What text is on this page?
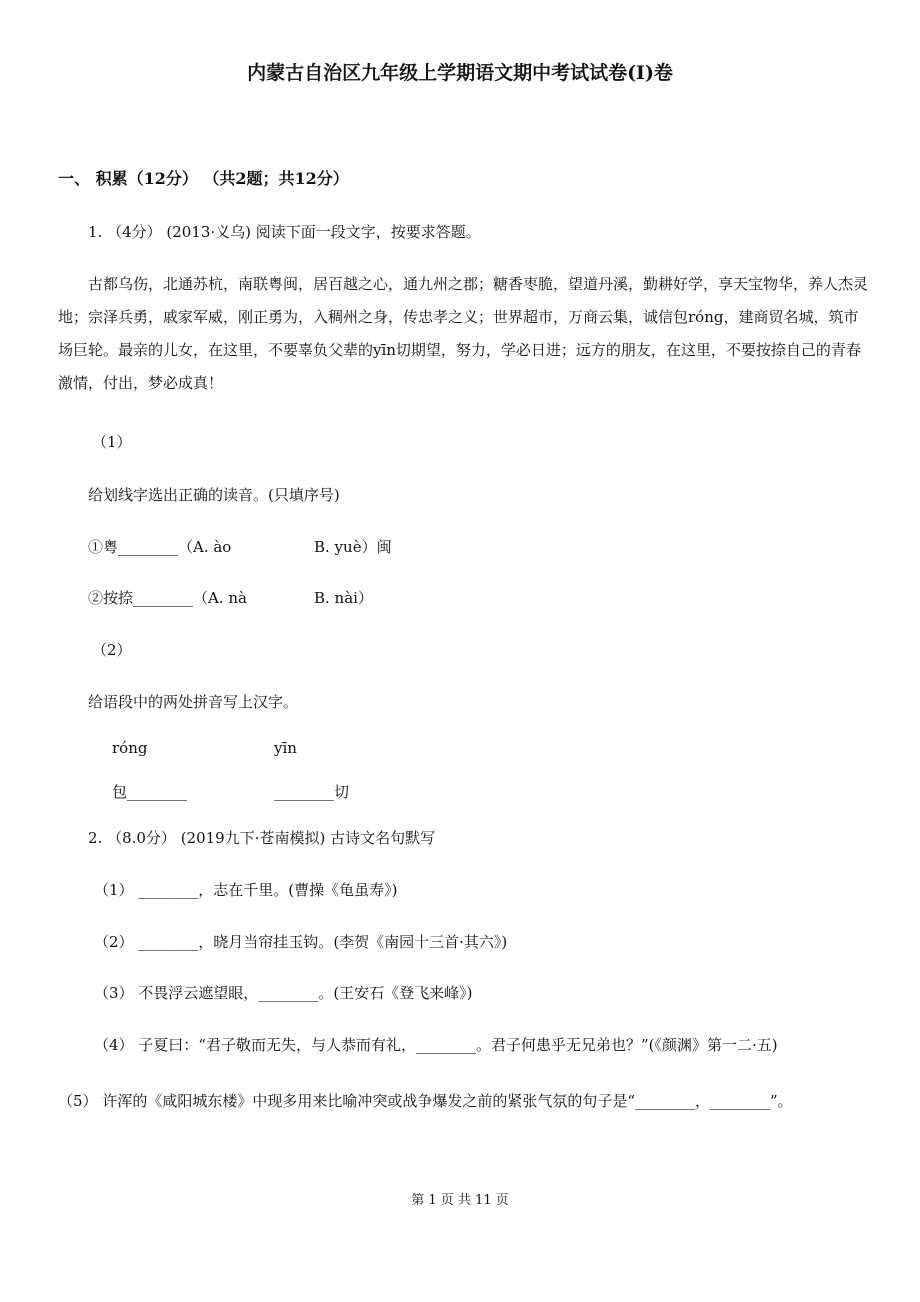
内蒙古自治区九年级上学期语文期中考试试卷(I)卷
一、 积累（12分） （共2题；共12分）
1. （4分） (2013·义乌) 阅读下面一段文字，按要求答题。
古都乌伤，北通苏杭，南联粤闽，居百越之心，通九州之郡；糖香枣脆，望道丹溪，勤耕好学，享天宝物华，养人杰灵地；宗泽兵勇，戚家军威，刚正勇为，入稠州之身，传忠孝之义；世界超市，万商云集，诚信包róng，建商贸名城，筑市场巨轮。最亲的儿女，在这里，不要辜负父辈的yīn切期望，努力，学必日进；远方的朋友，在这里，不要按捺自己的青春激情，付出，梦必成真！
（1）
给划线字选出正确的读音。(只填序号)
①粤________（A. ào	B. yuè）闽
②按捺________（A. nà	B. nài）
（2）
给语段中的两处拼音写上汉字。
róng	yīn
包________	________切
2. （8.0分） (2019九下·苍南模拟) 古诗文名句默写
（1） ________，志在千里。(曹操《龟虽寿》)
（2） ________，晓月当帘挂玉钩。(李贺《南园十三首·其六》)
（3） 不畏浮云遮望眼，________。(王安石《登飞来峰》)
（4） 子夏曰：“君子敬而无失，与人恭而有礼，________。君子何患乎无兄弟也？”(《颜渊》第一二·五)
（5） 许浑的《咸阳城东楼》中现多用来比喻冲突或战争爆发之前的紧张气氛的句子是“________，________”。
第 1 页 共 11 页
